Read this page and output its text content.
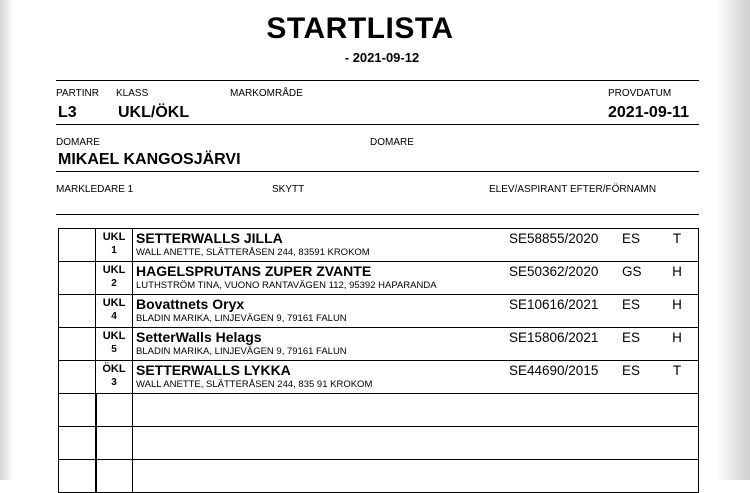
STARTLISTA
- 2021-09-12
PARTINR KLASS	MARKOMRÅDE	PROVDATUM
L3	UKL/ÖKL	2021-09-11
DOMARE	DOMARE
MIKAEL KANGOSJÄRVI
MARKLEDARE 1	SKYTT	ELEV/ASPIRANT EFTER/FÖRNAMN

	UKL
1	SETTERWALLS JILLA
WALL ANETTE, SLÄTTERÅSEN 244, 83591 KROKOM
SE58855/2020 ES T

	UKL
2	HAGELSPRUTANS ZUPER ZVANTE
LUTHSTRÖM TINA, VUONO RANTAVÄGEN 112, 95392 HAPARANDA
SE50362/2020 GS H

	UKL
4	Bovattnets Oryx
BLADIN MARIKA, LINJEVÄGEN 9, 79161 FALUN
SE10616/2021 ES H

	UKL
5	SetterWalls Helags
BLADIN MARIKA, LINJEVÄGEN 9, 79161 FALUN
SE15806/2021 ES H

	ÖKL
3	SETTERWALLS LYKKA
WALL ANETTE, SLÄTTERÅSEN 244, 835 91 KROKOM
SE44690/2015 ES T
